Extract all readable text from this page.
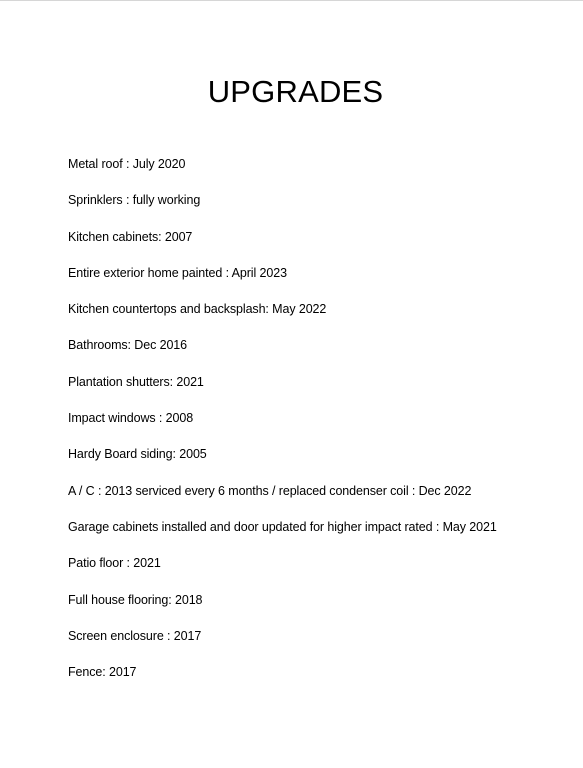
UPGRADES
Metal roof : July 2020
Sprinklers : fully working
Kitchen cabinets: 2007
Entire exterior home painted : April 2023
Kitchen countertops and backsplash: May 2022
Bathrooms: Dec 2016
Plantation shutters: 2021
Impact windows : 2008
Hardy Board siding: 2005
A / C : 2013 serviced every 6 months / replaced condenser coil : Dec 2022
Garage cabinets installed and door updated for higher impact rated : May 2021
Patio floor : 2021
Full house flooring: 2018
Screen enclosure : 2017
Fence: 2017
